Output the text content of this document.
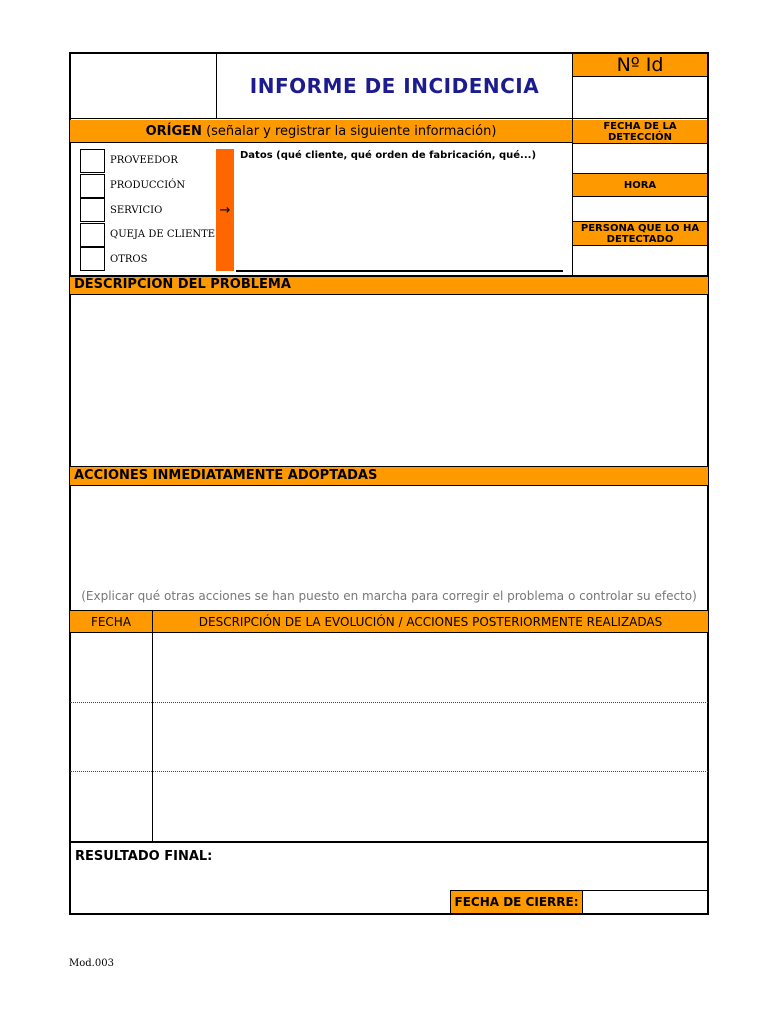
INFORME DE INCIDENCIA
Nº Id
ORÍGEN (señalar y registrar la siguiente información)
PROVEEDOR
PRODUCCIÓN
SERVICIO
QUEJA DE CLIENTE
OTROS
→
Datos (qué cliente, qué orden de fabricación, qué...)
FECHA DE LA DETECCIÓN
HORA
PERSONA QUE LO HA DETECTADO
DESCRIPCIÓN DEL PROBLEMA
ACCIONES INMEDIATAMENTE ADOPTADAS
(Explicar qué otras acciones se han puesto en marcha para corregir el problema o controlar su efecto)
FECHA	DESCRIPCIÓN DE LA EVOLUCIÓN / ACCIONES POSTERIORMENTE REALIZADAS
RESULTADO FINAL:
FECHA DE CIERRE:
Mod.003
